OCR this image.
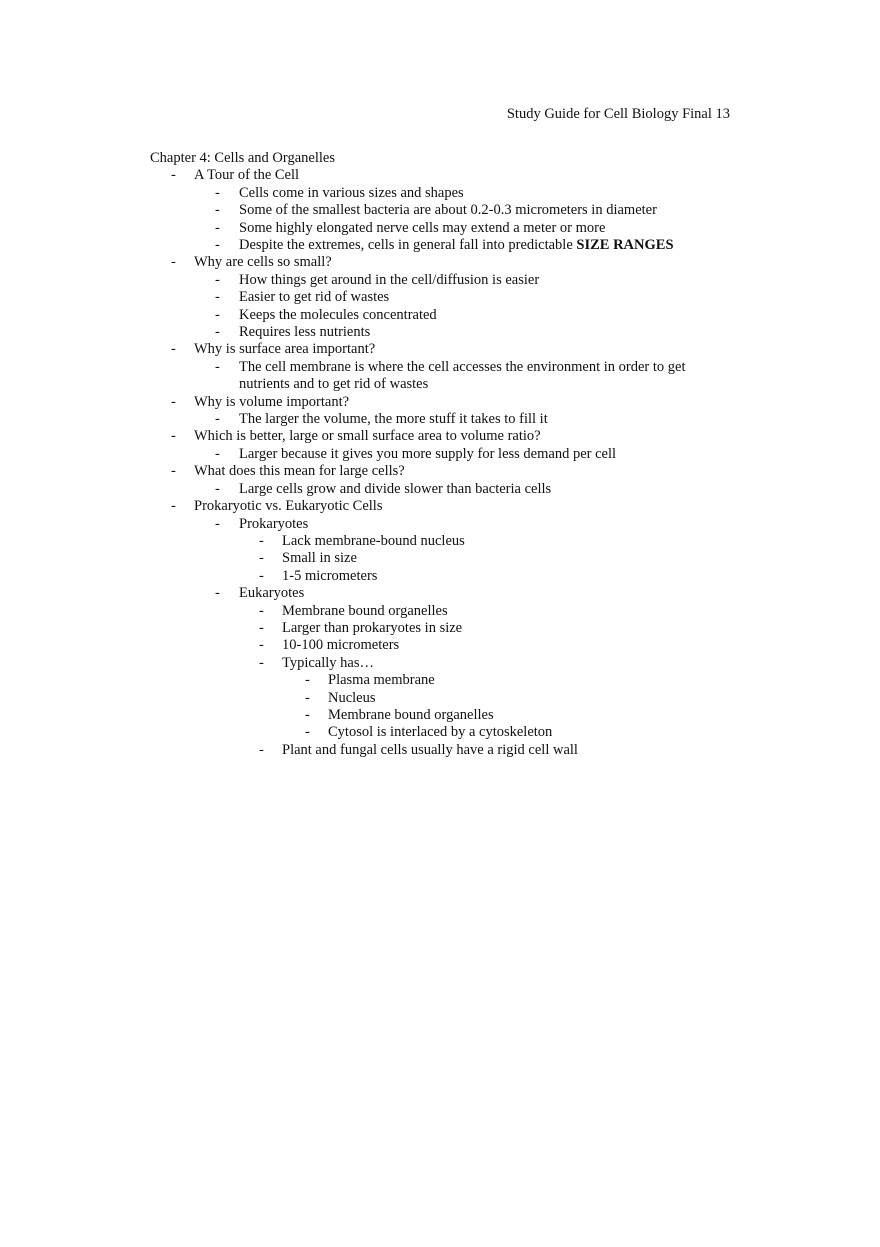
Study Guide for Cell Biology Final 13
Chapter 4: Cells and Organelles
-	A Tour of the Cell
-	Cells come in various sizes and shapes
-	Some of the smallest bacteria are about 0.2-0.3 micrometers in diameter
-	Some highly elongated nerve cells may extend a meter or more
-	Despite the extremes, cells in general fall into predictable SIZE RANGES
-	Why are cells so small?
-	How things get around in the cell/diffusion is easier
-	Easier to get rid of wastes
-	Keeps the molecules concentrated
-	Requires less nutrients
-	Why is surface area important?
-	The cell membrane is where the cell accesses the environment in order to get nutrients and to get rid of wastes
-	Why is volume important?
-	The larger the volume, the more stuff it takes to fill it
-	Which is better, large or small surface area to volume ratio?
-	Larger because it gives you more supply for less demand per cell
-	What does this mean for large cells?
-	Large cells grow and divide slower than bacteria cells
-	Prokaryotic vs. Eukaryotic Cells
-	Prokaryotes
-	Lack membrane-bound nucleus
-	Small in size
-	1-5 micrometers
-	Eukaryotes
-	Membrane bound organelles
-	Larger than prokaryotes in size
-	10-100 micrometers
-	Typically has…
-	Plasma membrane
-	Nucleus
-	Membrane bound organelles
-	Cytosol is interlaced by a cytoskeleton
-	Plant and fungal cells usually have a rigid cell wall
